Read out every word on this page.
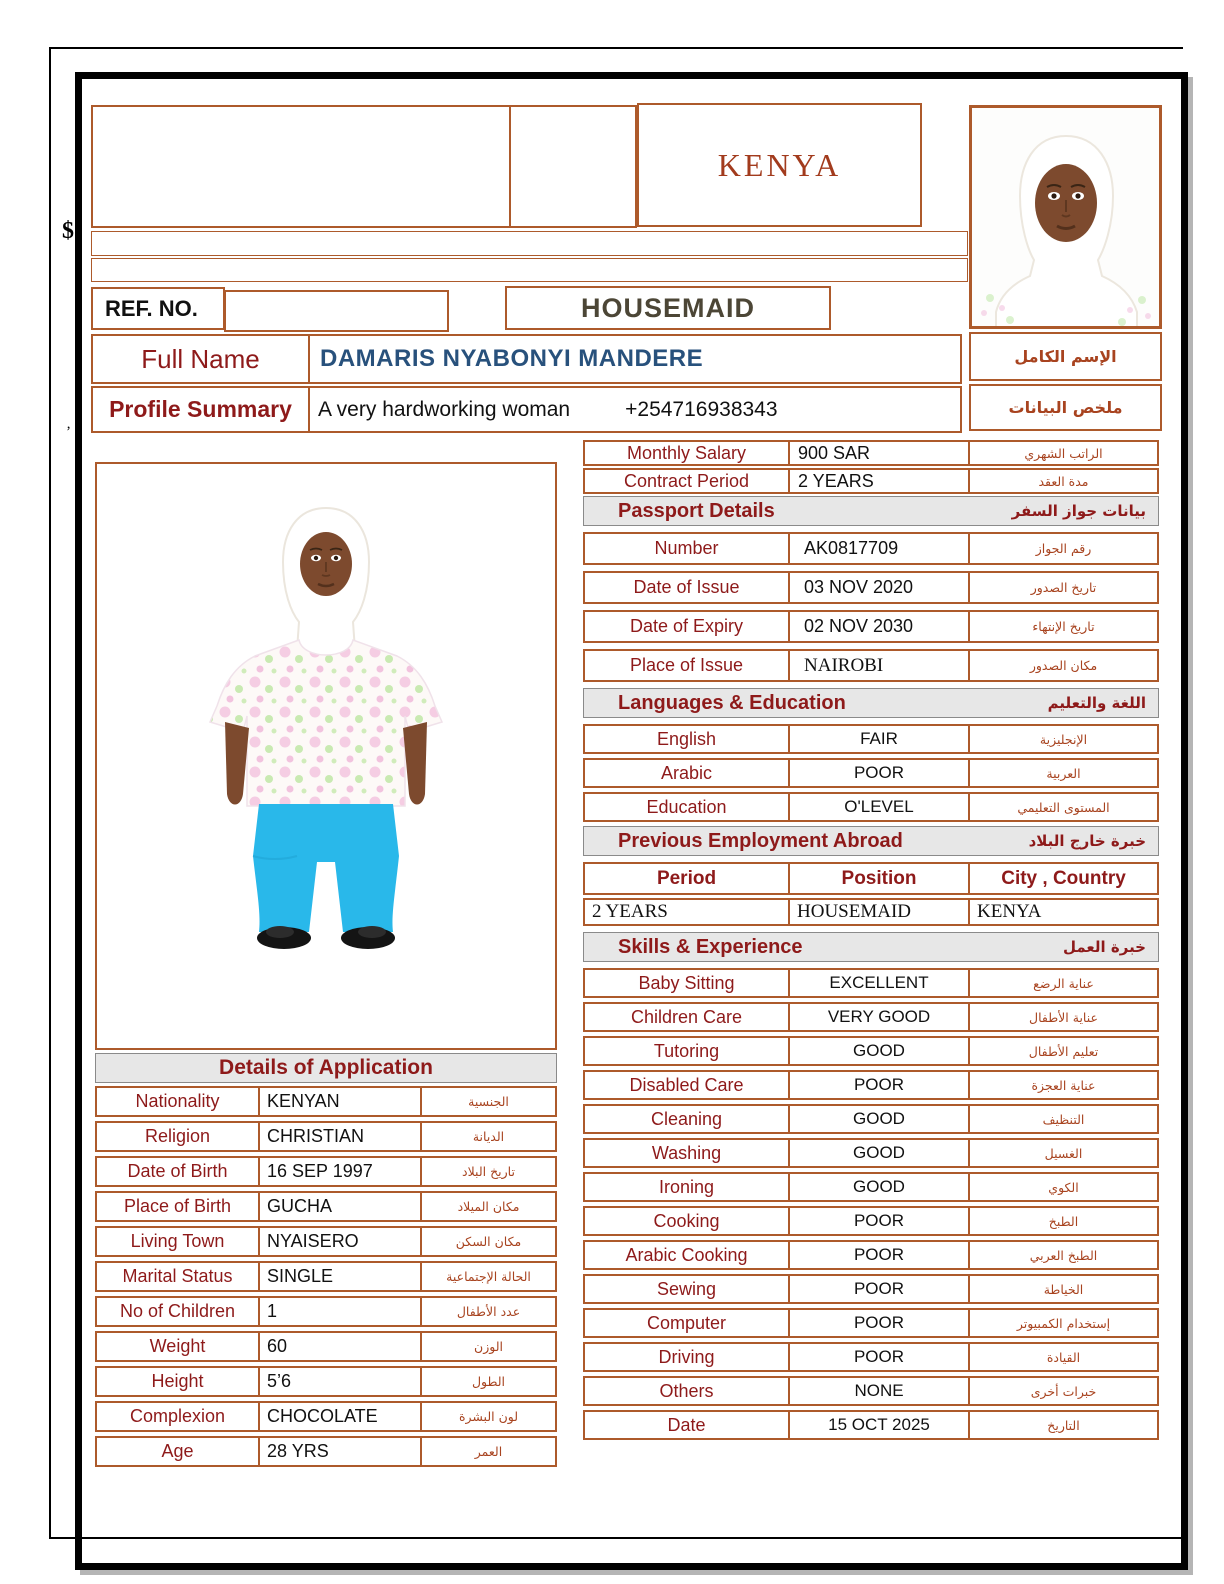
$
’
KENYA
REF. NO.	HOUSEMAID
Full Name	DAMARIS NYABONYI MANDERE	الإسم الكامل
Profile Summary	A very hardworking woman	+254716938343	ملخص البيانات
Details of Application
Nationality	KENYAN	الجنسية
Religion	CHRISTIAN	الديانة
Date of Birth	16 SEP 1997	تاريخ البلاد
Place of Birth	GUCHA	مكان الميلاد
Living Town	NYAISERO	مكان السكن
Marital Status	SINGLE	الحالة الإجتماعية
No of Children	1	عدد الأطفال
Weight	60	الوزن
Height	5’6	الطول
Complexion	CHOCOLATE	لون البشرة
Age	28 YRS	العمر
Monthly Salary	900 SAR	الراتب الشهري
Contract Period	2 YEARS	مدة العقد
Passport Details	بيانات جواز السفر
Number	AK0817709	رقم الجواز
Date of Issue	03 NOV 2020	تاريخ الصدور
Date of Expiry	02 NOV 2030	تاريخ الإنتهاء
Place of Issue	NAIROBI	مكان الصدور
Languages & Education	اللغة والتعليم
English	FAIR	الإنجليزية
Arabic	POOR	العربية
Education	O'LEVEL	المستوى التعليمي
Previous Employment Abroad	خبرة خارج البلاد
Period	Position	City , Country
2 YEARS	HOUSEMAID	KENYA
Skills & Experience	خبرة العمل
Baby Sitting	EXCELLENT	عناية الرضع
Children Care	VERY GOOD	عناية الأطفال
Tutoring	GOOD	تعليم الأطفال
Disabled Care	POOR	عناية العجزة
Cleaning	GOOD	التنظيف
Washing	GOOD	الغسيل
Ironing	GOOD	الكوي
Cooking	POOR	الطبخ
Arabic Cooking	POOR	الطبخ العربي
Sewing	POOR	الخياطة
Computer	POOR	إستخدام الكمبيوتر
Driving	POOR	القيادة
Others	NONE	خبرات أخرى
Date	15 OCT 2025	التاريخ
